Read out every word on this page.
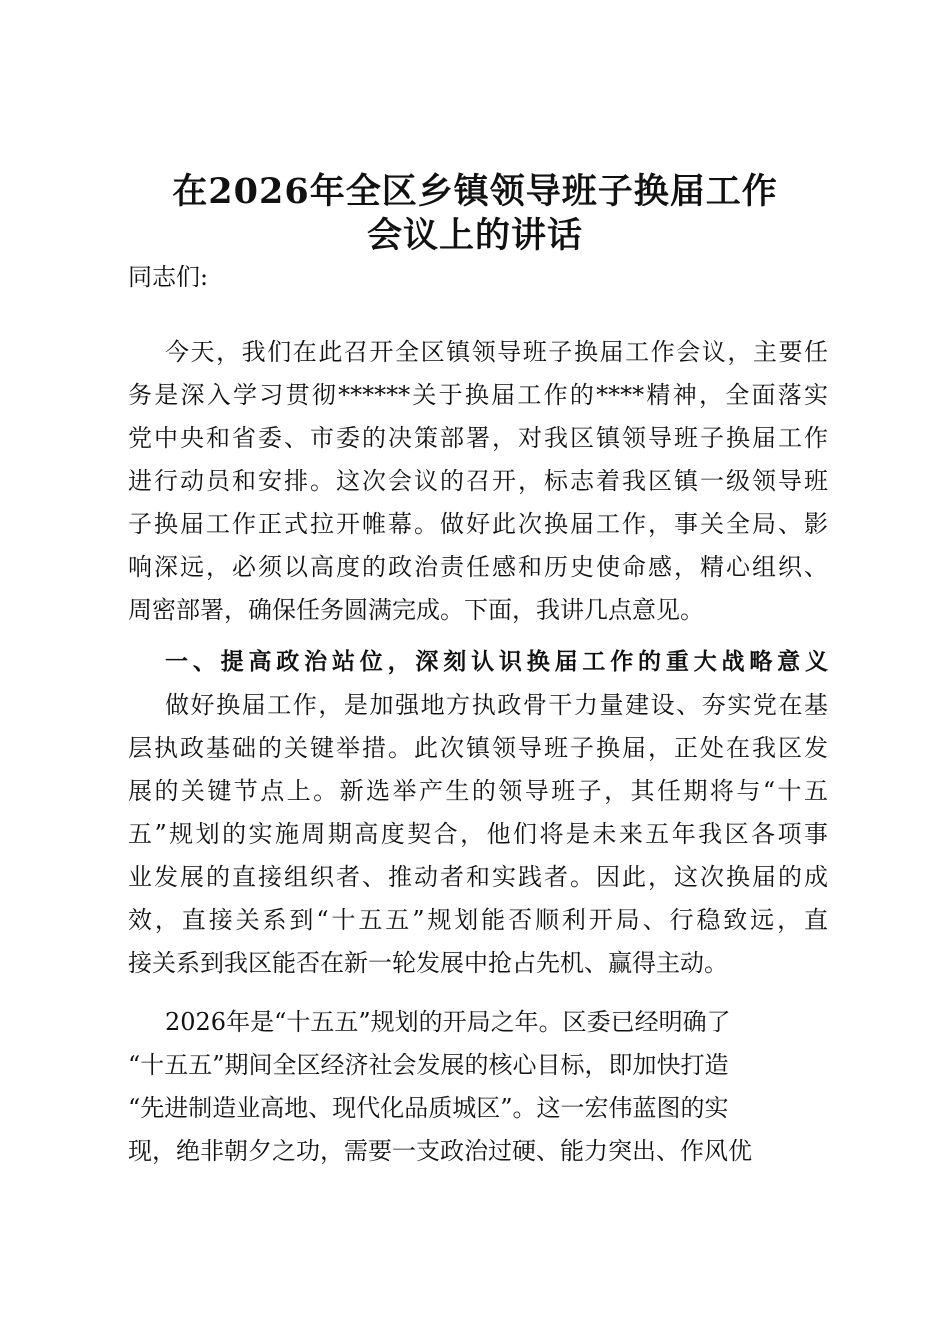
在2026年全区乡镇领导班子换届工作
会议上的讲话
同志们:
今天，我们在此召开全区镇领导班子换届工作会议，主要任
务是深入学习贯彻******关于换届工作的****精神，全面落实
党中央和省委、市委的决策部署，对我区镇领导班子换届工作
进行动员和安排。这次会议的召开，标志着我区镇一级领导班
子换届工作正式拉开帷幕。做好此次换届工作，事关全局、影
响深远，必须以高度的政治责任感和历史使命感，精心组织、
周密部署，确保任务圆满完成。下面，我讲几点意见。
一、提高政治站位，深刻认识换届工作的重大战略意义
做好换届工作，是加强地方执政骨干力量建设、夯实党在基
层执政基础的关键举措。此次镇领导班子换届，正处在我区发
展的关键节点上。新选举产生的领导班子，其任期将与“十五
五”规划的实施周期高度契合，他们将是未来五年我区各项事
业发展的直接组织者、推动者和实践者。因此，这次换届的成
效，直接关系到“十五五”规划能否顺利开局、行稳致远，直
接关系到我区能否在新一轮发展中抢占先机、赢得主动。
2026年是“十五五”规划的开局之年。区委已经明确了
“十五五”期间全区经济社会发展的核心目标，即加快打造
“先进制造业高地、现代化品质城区”。这一宏伟蓝图的实
现，绝非朝夕之功，需要一支政治过硬、能力突出、作风优
